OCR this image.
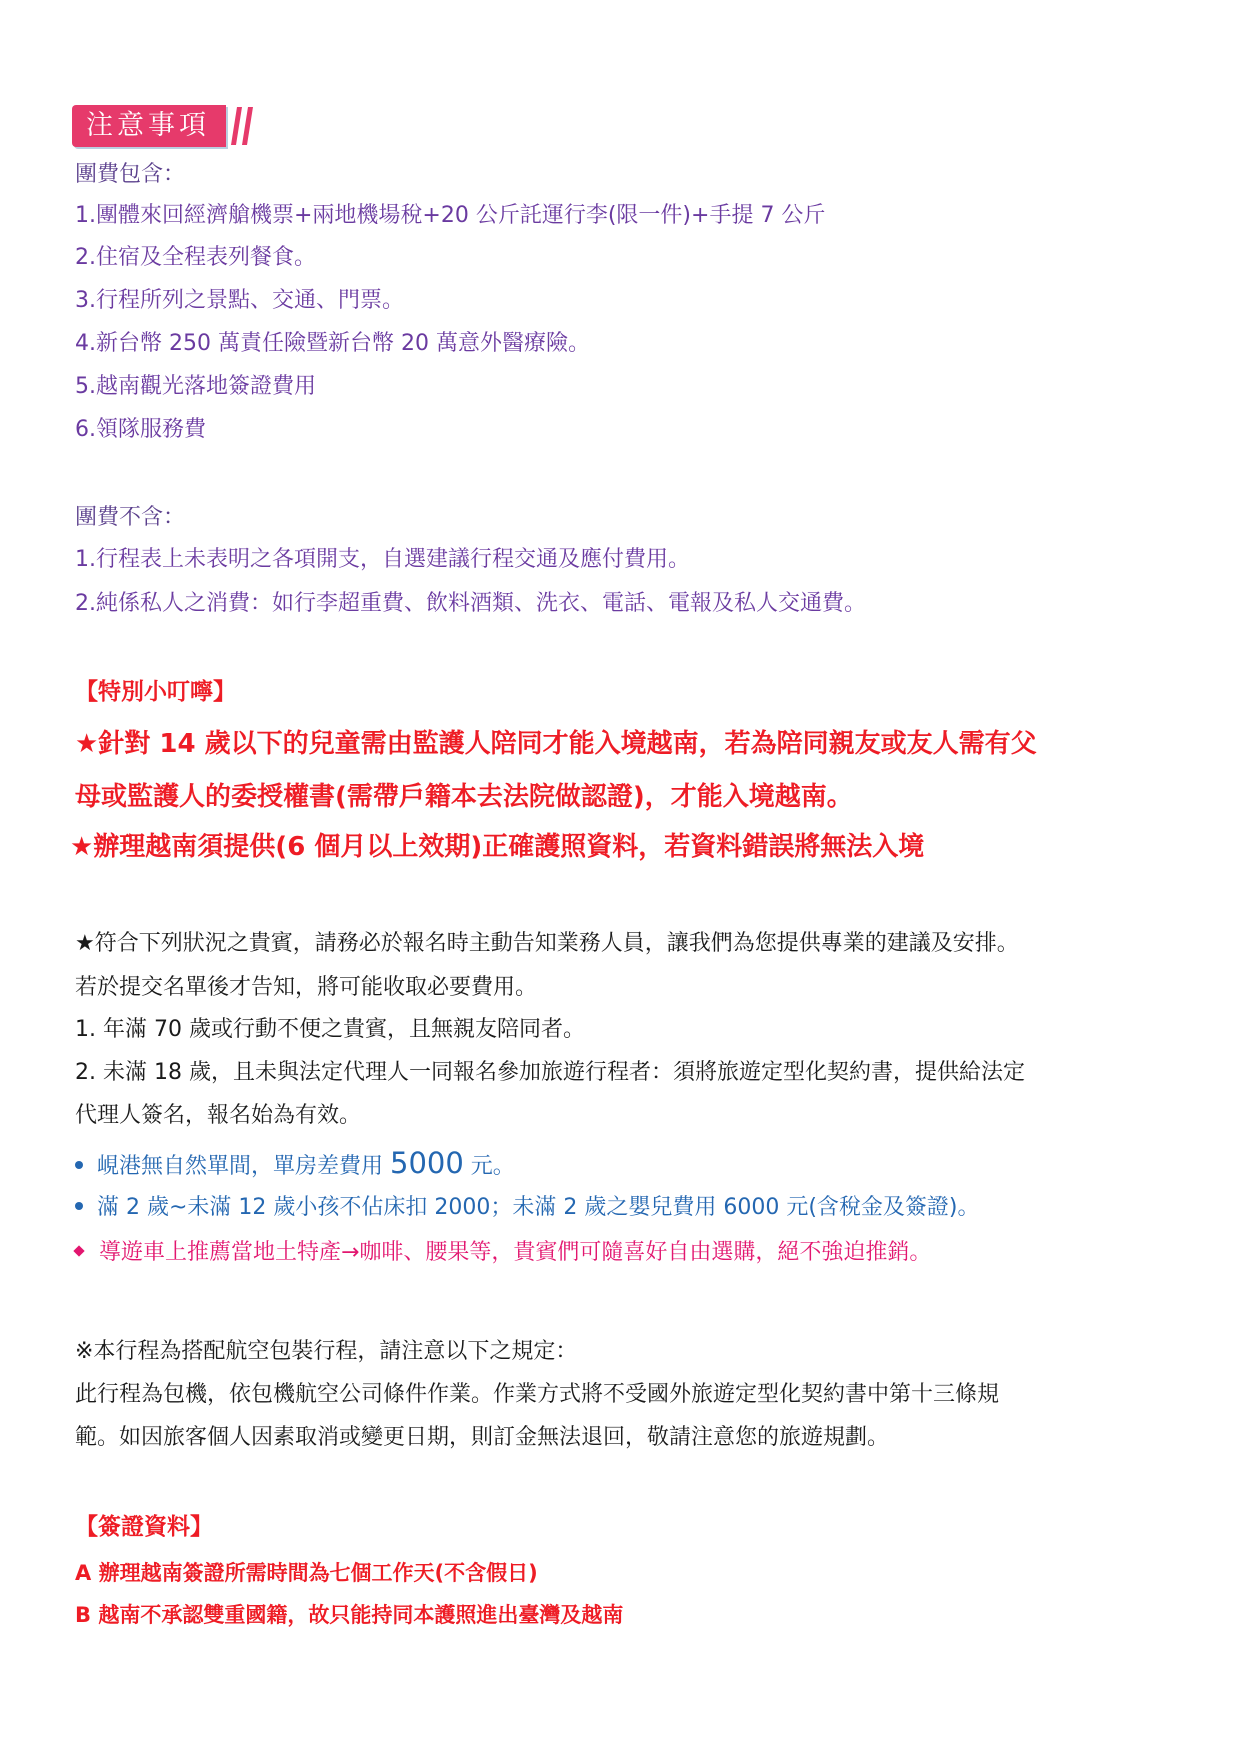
注意事項
團費包含：
1.團體來回經濟艙機票+兩地機場稅+20 公斤託運行李(限一件)+手提 7 公斤
2.住宿及全程表列餐食。
3.行程所列之景點、交通、門票。
4.新台幣 250 萬責任險暨新台幣 20 萬意外醫療險。
5.越南觀光落地簽證費用
6.領隊服務費
團費不含：
1.行程表上未表明之各項開支，自選建議行程交通及應付費用。
2.純係私人之消費：如行李超重費、飲料酒類、洗衣、電話、電報及私人交通費。
【特別小叮嚀】
★針對 14 歲以下的兒童需由監護人陪同才能入境越南，若為陪同親友或友人需有父
母或監護人的委授權書(需帶戶籍本去法院做認證)，才能入境越南。
★辦理越南須提供(6 個月以上效期)正確護照資料，若資料錯誤將無法入境
★符合下列狀況之貴賓，請務必於報名時主動告知業務人員，讓我們為您提供專業的建議及安排。
若於提交名單後才告知，將可能收取必要費用。
1. 年滿 70 歲或行動不便之貴賓，且無親友陪同者。
2. 未滿 18 歲，且未與法定代理人一同報名參加旅遊行程者：須將旅遊定型化契約書，提供給法定
代理人簽名，報名始為有效。
峴港無自然單間，單房差費用 5000 元。
滿 2 歲~未滿 12 歲小孩不佔床扣 2000；未滿 2 歲之嬰兒費用 6000 元(含稅金及簽證)。
導遊車上推薦當地土特產→咖啡、腰果等，貴賓們可隨喜好自由選購，絕不強迫推銷。
※本行程為搭配航空包裝行程，請注意以下之規定：
此行程為包機，依包機航空公司條件作業。作業方式將不受國外旅遊定型化契約書中第十三條規
範。如因旅客個人因素取消或變更日期，則訂金無法退回，敬請注意您的旅遊規劃。
【簽證資料】
A 辦理越南簽證所需時間為七個工作天(不含假日)
B 越南不承認雙重國籍，故只能持同本護照進出臺灣及越南
